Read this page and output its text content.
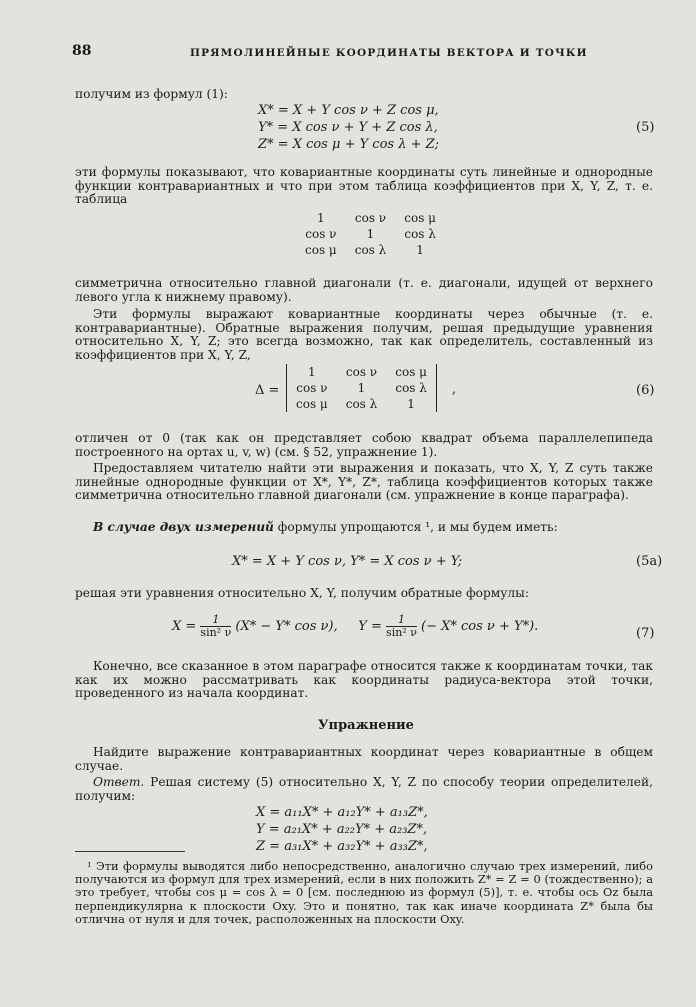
88	ПРЯМОЛИНЕЙНЫЕ КООРДИНАТЫ ВЕКТОРА И ТОЧКИ
получим из формул (1):
X* = X + Y cos ν + Z cos μ,
Y* = X cos ν + Y + Z cos λ,
Z* = X cos μ + Y cos λ + Z;
(5)
эти формулы показывают, что ковариантные координаты суть линейные и однородные функции контравариантных и что при этом таблица коэффициентов при X, Y, Z, т. е. таблица
1	cos ν	cos μ
cos ν	1	cos λ
cos μ	cos λ	1
симметрична относительно главной диагонали (т. е. диагонали, идущей от верхнего левого угла к нижнему правому).
Эти формулы выражают ковариантные координаты через обычные (т. е. контравариантные). Обратные выражения получим, решая предыдущие уравнения относительно X, Y, Z; это всегда возможно, так как определитель, составленный из коэффициентов при X, Y, Z,
Δ =
1	cos ν	cos μ
cos ν	1	cos λ
cos μ	cos λ	1
,	(6)
отличен от 0 (так как он представляет собою квадрат объема параллелепипеда построенного на ортах u, v, w) (см. § 52, упражнение 1).
Предоставляем читателю найти эти выражения и показать, что X, Y, Z суть также линейные однородные функции от X*, Y*, Z*, таблица коэффициентов которых также симметрична относительно главной диагонали (см. упражнение в конце параграфа).
В случае двух измерений формулы упрощаются ¹, и мы будем иметь:
X* = X + Y cos ν, Y* = X cos ν + Y;	(5a)
решая эти уравнения относительно X, Y, получим обратные формулы:
$X = \frac{1}{\text{sin² ν}} (X* - Y*$ cos ν), $Y = \frac{1}{\text{sin² ν}}$ (− X* cos ν + Y*).	(7)
Конечно, все сказанное в этом параграфе относится также к координатам точки, так как их можно рассматривать как координаты радиуса-вектора этой точки, проведенного из начала координат.
Упражнение
Найдите выражение контравариантных координат через ковариантные в общем случае.
Ответ. Решая систему (5) относительно X, Y, Z по способу теории определителей, получим:
X = a₁₁X* + a₁₂Y* + a₁₃Z*,
Y = a₂₁X* + a₂₂Y* + a₂₃Z*,
Z = a₃₁X* + a₃₂Y* + a₃₃Z*,
¹ Эти формулы выводятся либо непосредственно, аналогично случаю трех измерений, либо получаются из формул для трех измерений, если в них положить Z* = Z = 0 (тождественно); а это требует, чтобы cos μ = cos λ = 0 [см. последнюю из формул (5)], т. е. чтобы ось Oz была перпендикулярна к плоскости Oxy. Это и понятно, так как иначе координата Z* была бы отлична от нуля и для точек, расположенных на плоскости Oxy.
